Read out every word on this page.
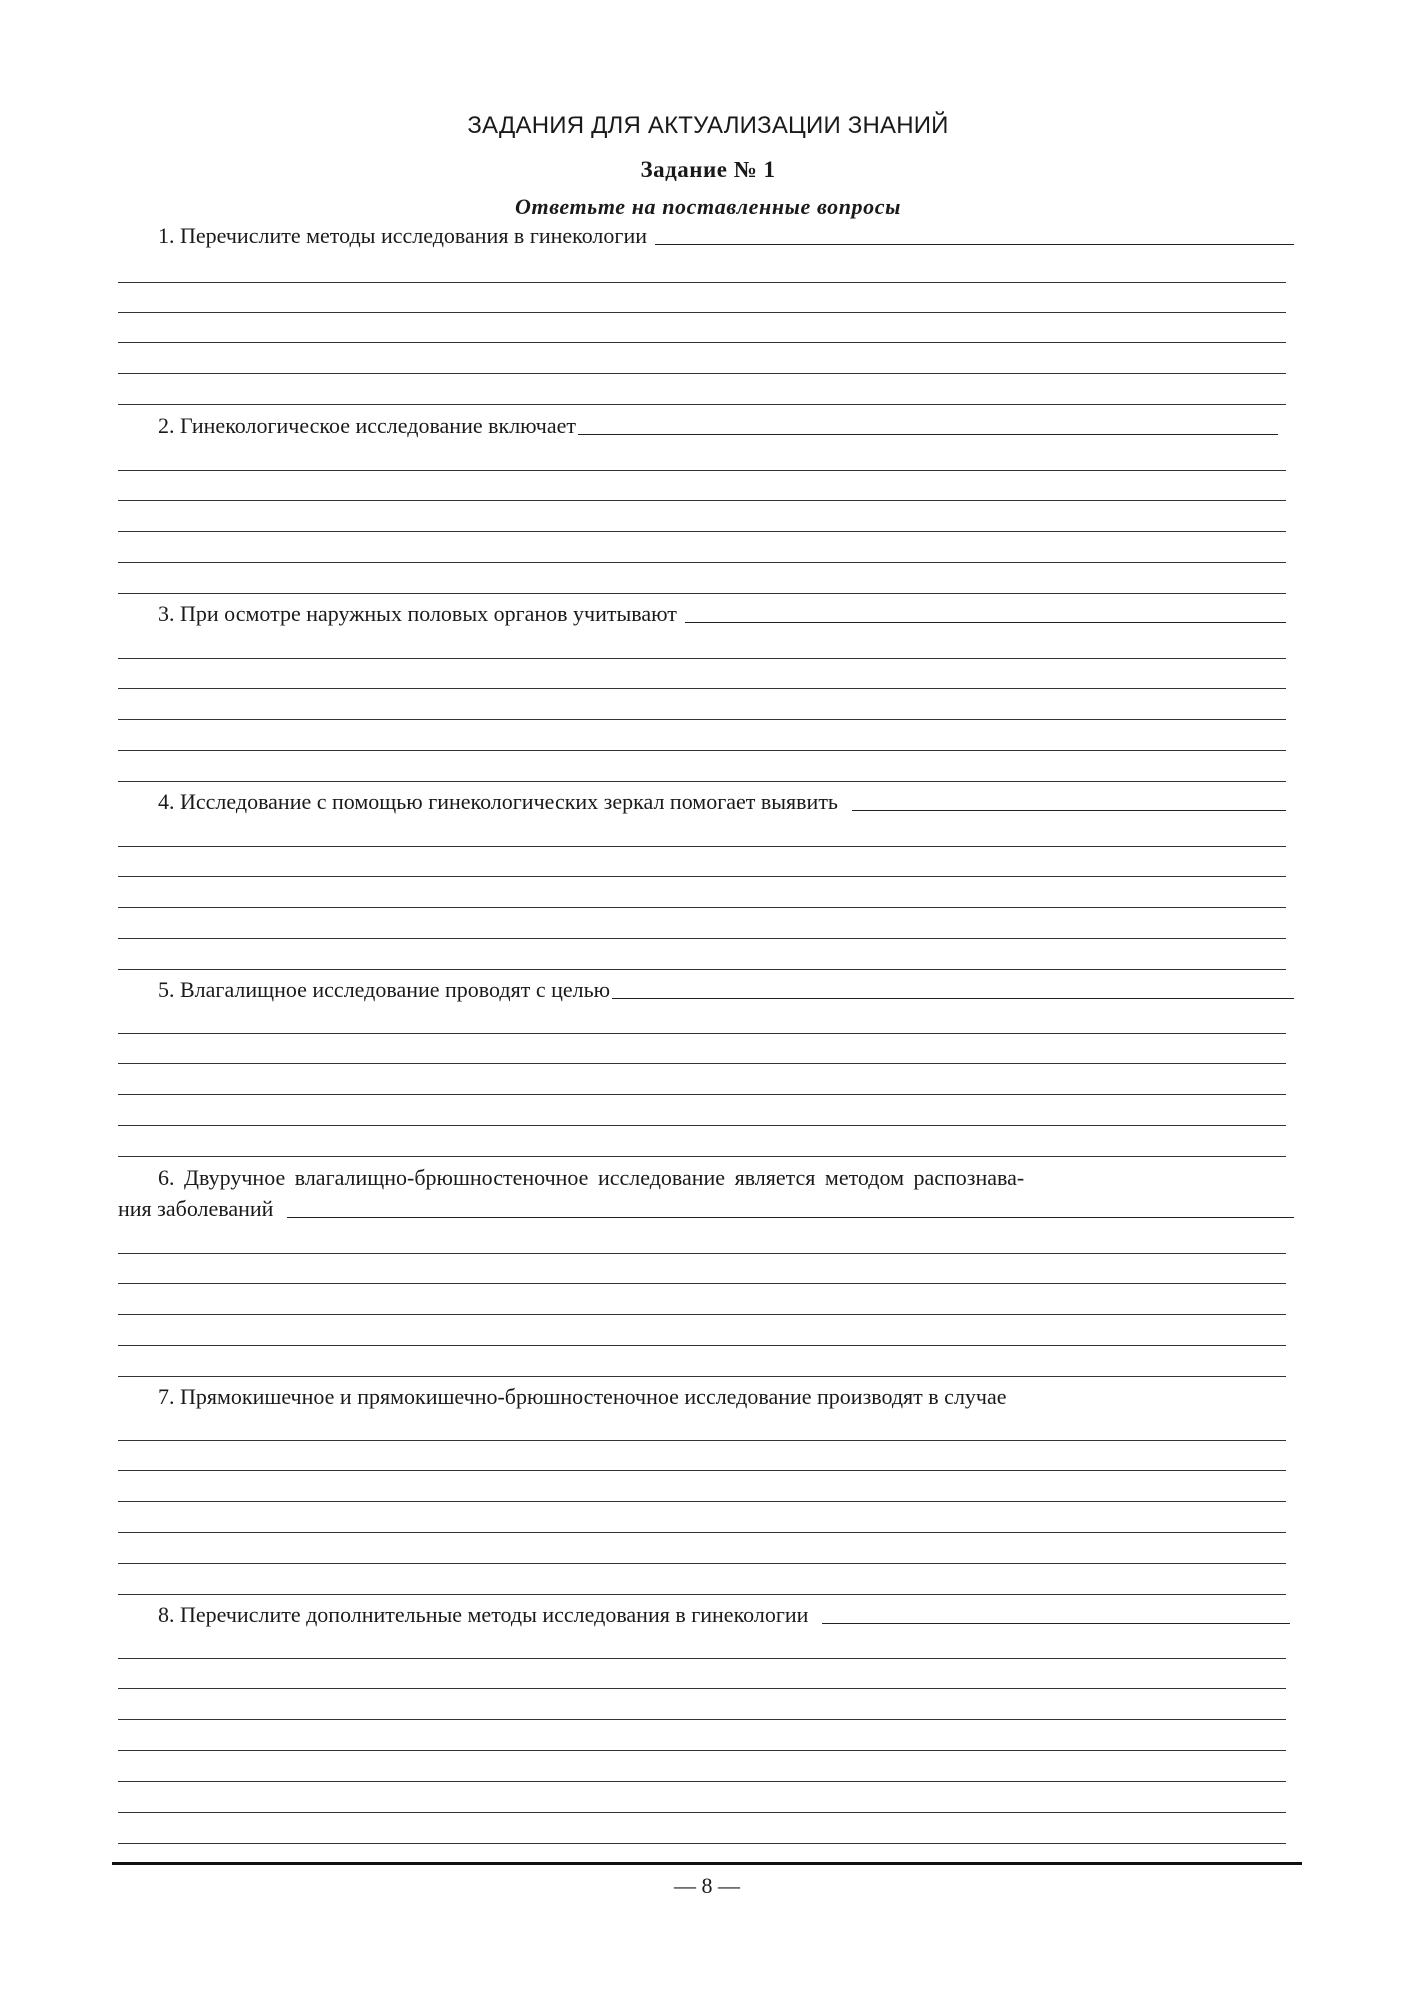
ЗАДАНИЯ ДЛЯ АКТУАЛИЗАЦИИ ЗНАНИЙ
Задание № 1
Ответьте на поставленные вопросы
1. Перечислите методы исследования в гинекологии
2. Гинекологическое исследование включает
3. При осмотре наружных половых органов учитывают
4. Исследование с помощью гинекологических зеркал помогает выявить
5. Влагалищное исследование проводят с целью
6. Двуручное влагалищно-брюшностеночное исследование является методом распознава-
ния заболеваний
7. Прямокишечное и прямокишечно-брюшностеночное исследование производят в случае
8. Перечислите дополнительные методы исследования в гинекологии
— 8 —
